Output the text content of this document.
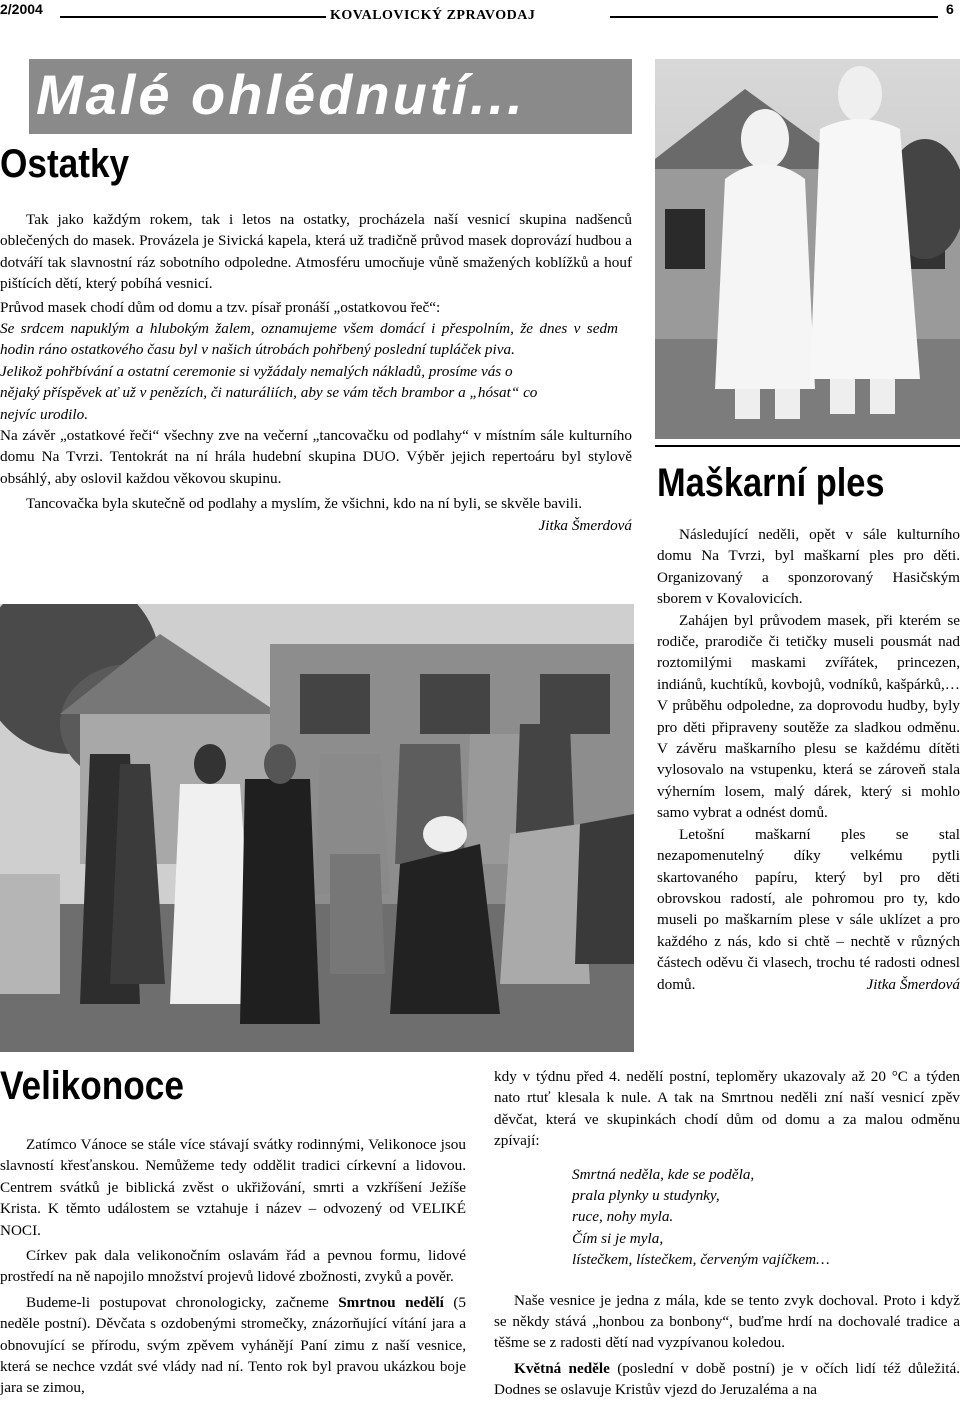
2/2004	KOVALOVICKÝ ZPRAVODAJ	6
Malé ohlédnutí...
Ostatky

Tak jako každým rokem, tak i letos na ostatky, procházela naší vesnicí skupina nadšenců oblečených do masek. Provázela je Sivická kapela, která už tradičně průvod masek doprovází hudbou a dotváří tak slavnostní ráz sobotního odpoledne. Atmosféru umocňuje vůně smažených koblížků a houf pištících dětí, který pobíhá vesnicí.

Průvod masek chodí dům od domu a tzv. písař pronáší „ostatkovou řeč“:

Se srdcem napuklým a hlubokým žalem, oznamujeme všem domácí i přespolním, že dnes v sedm hodin ráno ostatkového času byl v našich útrobách pohřbený poslední tupláček piva.

Jelikož pohřbívání a ostatní ceremonie si vyžádaly nemalých nákladů, prosíme vás o nějaký příspěvek ať už v penězích, či naturáliích, aby se vám těch brambor a „hósat“ co nejvíc urodilo.

Na závěr „ostatkové řeči“ všechny zve na večerní „tancovačku od podlahy“ v místním sále kulturního domu Na Tvrzi. Tentokrát na ní hrála hudební skupina DUO. Výběr jejich repertoáru byl stylově obsáhlý, aby oslovil každou věkovou skupinu.

Tancovačka byla skutečně od podlahy a myslím, že všichni, kdo na ní byli, se skvěle bavili.
Jitka Šmerdová

Maškarní ples

Následující neděli, opět v sále kulturního domu Na Tvrzi, byl maškarní ples pro děti. Organizovaný a sponzorovaný Hasičským sborem v Kovalovicích.

Zahájen byl průvodem masek, při kterém se rodiče, prarodiče či tetičky museli pousmát nad roztomilými maskami zvířátek, princezen, indiánů, kuchtíků, kovbojů, vodníků, kašpárků,…V průběhu odpoledne, za doprovodu hudby, byly pro děti připraveny soutěže za sladkou odměnu. V závěru maškarního plesu se každému dítěti vylosovalo na vstupenku, která se zároveň stala výherním losem, malý dárek, který si mohlo samo vybrat a odnést domů.

Letošní maškarní ples se stal nezapomenutelný díky velkému pytli skartovaného papíru, který byl pro děti obrovskou radostí, ale pohromou pro ty, kdo museli po maškarním plese v sále uklízet a pro každého z nás, kdo si chtě – nechtě v různých částech oděvu či vlasech, trochu té radosti odnesl domů.	Jitka Šmerdová

Velikonoce

Zatímco Vánoce se stále více stávají svátky rodinnými, Velikonoce jsou slavností křesťanskou. Nemůžeme tedy oddělit tradici církevní a lidovou. Centrem svátků je biblická zvěst o ukřižování, smrti a vzkříšení Ježíše Krista. K těmto událostem se vztahuje i název – odvozený od VELIKÉ NOCI.

Církev pak dala velikonočním oslavám řád a pevnou formu, lidové prostředí na ně napojilo množství projevů lidové zbožnosti, zvyků a pověr.

Budeme-li postupovat chronologicky, začneme Smrtnou nedělí (5 neděle postní). Děvčata s ozdobenými stromečky, znázorňující vítání jara a obnovující se přírodu, svým zpěvem vyhánějí Paní zimu z naší vesnice, která se nechce vzdát své vlády nad ní. Tento rok byl pravou ukázkou boje jara se zimou,

kdy v týdnu před 4. nedělí postní, teploměry ukazovaly až 20 °C a týden nato rtuť klesala k nule. A tak na Smrtnou neděli zní naší vesnicí zpěv děvčat, která ve skupinkách chodí dům od domu a za malou odměnu zpívají:

Smrtná neděla, kde se poděla,

prala plynky u studynky,

ruce, nohy myla.

Čím si je myla,

lístečkem, lístečkem, červeným vajíčkem…

Naše vesnice je jedna z mála, kde se tento zvyk dochoval. Proto i když se někdy stává „honbou za bonbony“, buďme hrdí na dochovalé tradice a těšme se z radosti dětí nad vyzpívanou koledou.

Květná neděle (poslední v době postní) je v očích lidí též důležitá. Dodnes se oslavuje Kristův vjezd do Jeruzaléma a na
